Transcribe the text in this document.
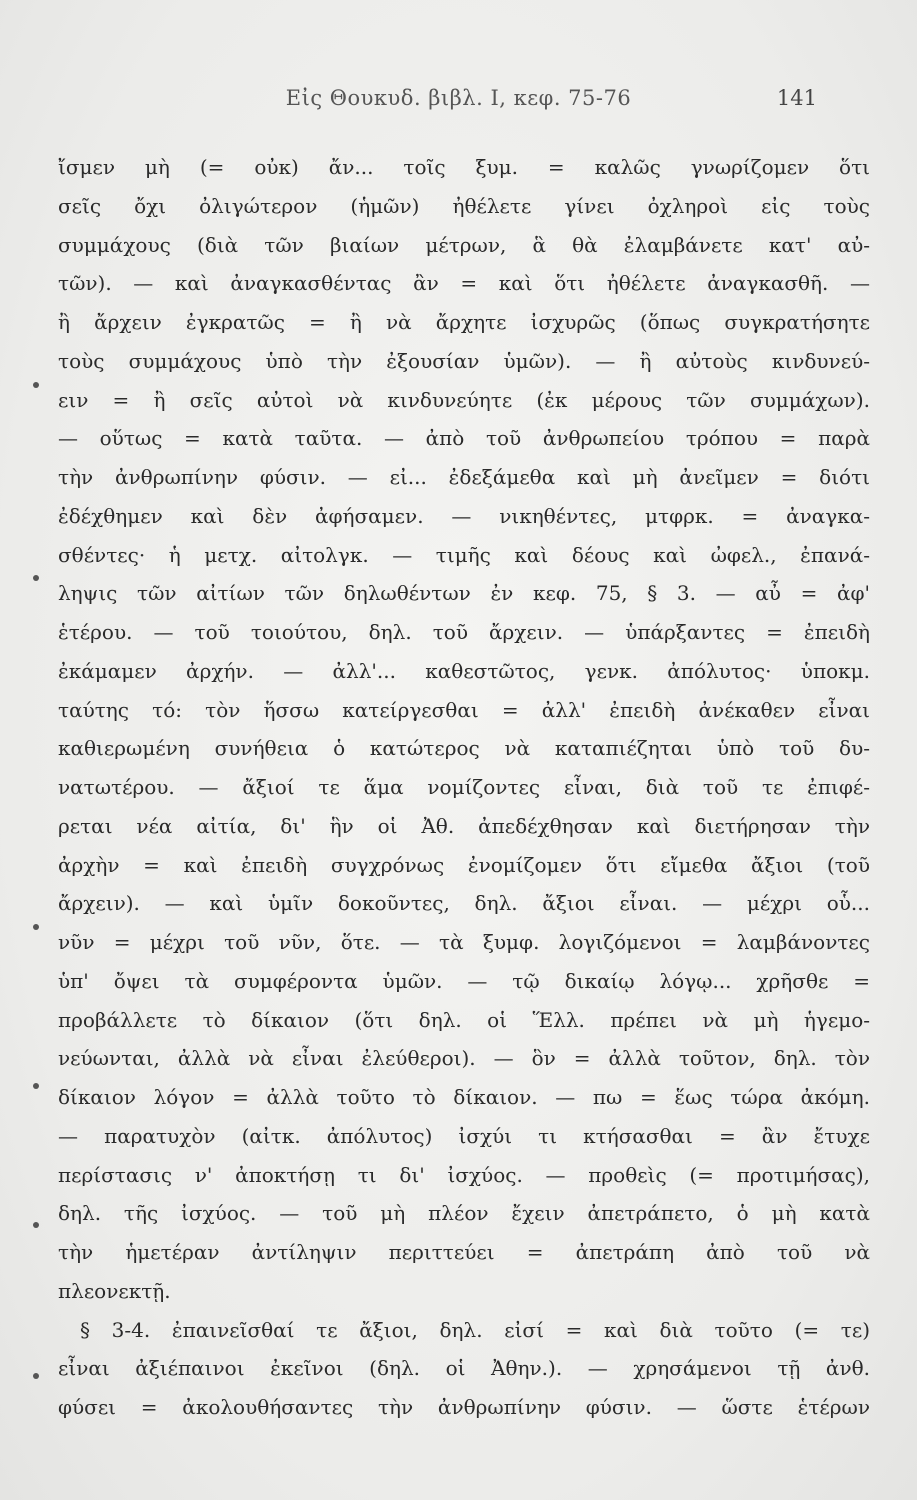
Εἰς Θουκυδ. βιβλ. Ι, κεφ. 75-76	141
ἴσμεν μὴ (= οὐκ) ἄν... τοῖς ξυμ. = καλῶς γνωρίζομεν ὅτι
σεῖς ὄχι ὀλιγώτερον (ἡμῶν) ἠθέλετε γίνει ὀχληροὶ εἰς τοὺς
συμμάχους (διὰ τῶν βιαίων μέτρων, ἃ θὰ ἐλαμβάνετε κατ' αὐ-
τῶν). — καὶ ἀναγκασθέντας ἂν = καὶ ὅτι ἠθέλετε ἀναγκασθῆ. —
ἢ ἄρχειν ἐγκρατῶς = ἢ νὰ ἄρχητε ἰσχυρῶς (ὅπως συγκρατήσητε
τοὺς συμμάχους ὑπὸ τὴν ἐξουσίαν ὑμῶν). — ἢ αὐτοὺς κινδυνεύ-
ειν = ἢ σεῖς αὐτοὶ νὰ κινδυνεύητε (ἐκ μέρους τῶν συμμάχων).
— οὕτως = κατὰ ταῦτα. — ἀπὸ τοῦ ἀνθρωπείου τρόπου = παρὰ
τὴν ἀνθρωπίνην φύσιν. — εἰ... ἐδεξάμεθα καὶ μὴ ἀνεῖμεν = διότι
ἐδέχθημεν καὶ δὲν ἀφήσαμεν. — νικηθέντες, μτφρκ. = ἀναγκα-
σθέντες· ἡ μετχ. αἰτολγκ. — τιμῆς καὶ δέους καὶ ὠφελ., ἐπανά-
ληψις τῶν αἰτίων τῶν δηλωθέντων ἐν κεφ. 75, § 3. — αὖ = ἀφ'
ἑτέρου. — τοῦ τοιούτου, δηλ. τοῦ ἄρχειν. — ὑπάρξαντες = ἐπειδὴ
ἐκάμαμεν ἀρχήν. — ἀλλ'... καθεστῶτος, γενκ. ἀπόλυτος· ὑποκμ.
ταύτης τό: τὸν ἥσσω κατείργεσθαι = ἀλλ' ἐπειδὴ ἀνέκαθεν εἶναι
καθιερωμένη συνήθεια ὁ κατώτερος νὰ καταπιέζηται ὑπὸ τοῦ δυ-
νατωτέρου. — ἄξιοί τε ἅμα νομίζοντες εἶναι, διὰ τοῦ τε ἐπιφέ-
ρεται νέα αἰτία, δι' ἣν οἱ Ἀθ. ἀπεδέχθησαν καὶ διετήρησαν τὴν
ἀρχὴν = καὶ ἐπειδὴ συγχρόνως ἐνομίζομεν ὅτι εἴμεθα ἄξιοι (τοῦ
ἄρχειν). — καὶ ὑμῖν δοκοῦντες, δηλ. ἄξιοι εἶναι. — μέχρι οὗ...
νῦν = μέχρι τοῦ νῦν, ὅτε. — τὰ ξυμφ. λογιζόμενοι = λαμβάνοντες
ὑπ' ὄψει τὰ συμφέροντα ὑμῶν. — τῷ δικαίῳ λόγῳ... χρῆσθε =
προβάλλετε τὸ δίκαιον (ὅτι δηλ. οἱ Ἕλλ. πρέπει νὰ μὴ ἡγεμο-
νεύωνται, ἀλλὰ νὰ εἶναι ἐλεύθεροι). — ὃν = ἀλλὰ τοῦτον, δηλ. τὸν
δίκαιον λόγον = ἀλλὰ τοῦτο τὸ δίκαιον. — πω = ἕως τώρα ἀκόμη.
— παρατυχὸν (αἰτκ. ἀπόλυτος) ἰσχύι τι κτήσασθαι = ἂν ἔτυχε
περίστασις ν' ἀποκτήσῃ τι δι' ἰσχύος. — προθεὶς (= προτιμήσας),
δηλ. τῆς ἰσχύος. — τοῦ μὴ πλέον ἔχειν ἀπετράπετο, ὁ μὴ κατὰ
τὴν ἡμετέραν ἀντίληψιν περιττεύει = ἀπετράπη ἀπὸ τοῦ νὰ
πλεονεκτῇ.
§ 3-4. ἐπαινεῖσθαί τε ἄξιοι, δηλ. εἰσί = καὶ διὰ τοῦτο (= τε)
εἶναι ἀξιέπαινοι ἐκεῖνοι (δηλ. οἱ Ἀθην.). — χρησάμενοι τῇ ἀνθ.
φύσει = ἀκολουθήσαντες τὴν ἀνθρωπίνην φύσιν. — ὥστε ἑτέρων
